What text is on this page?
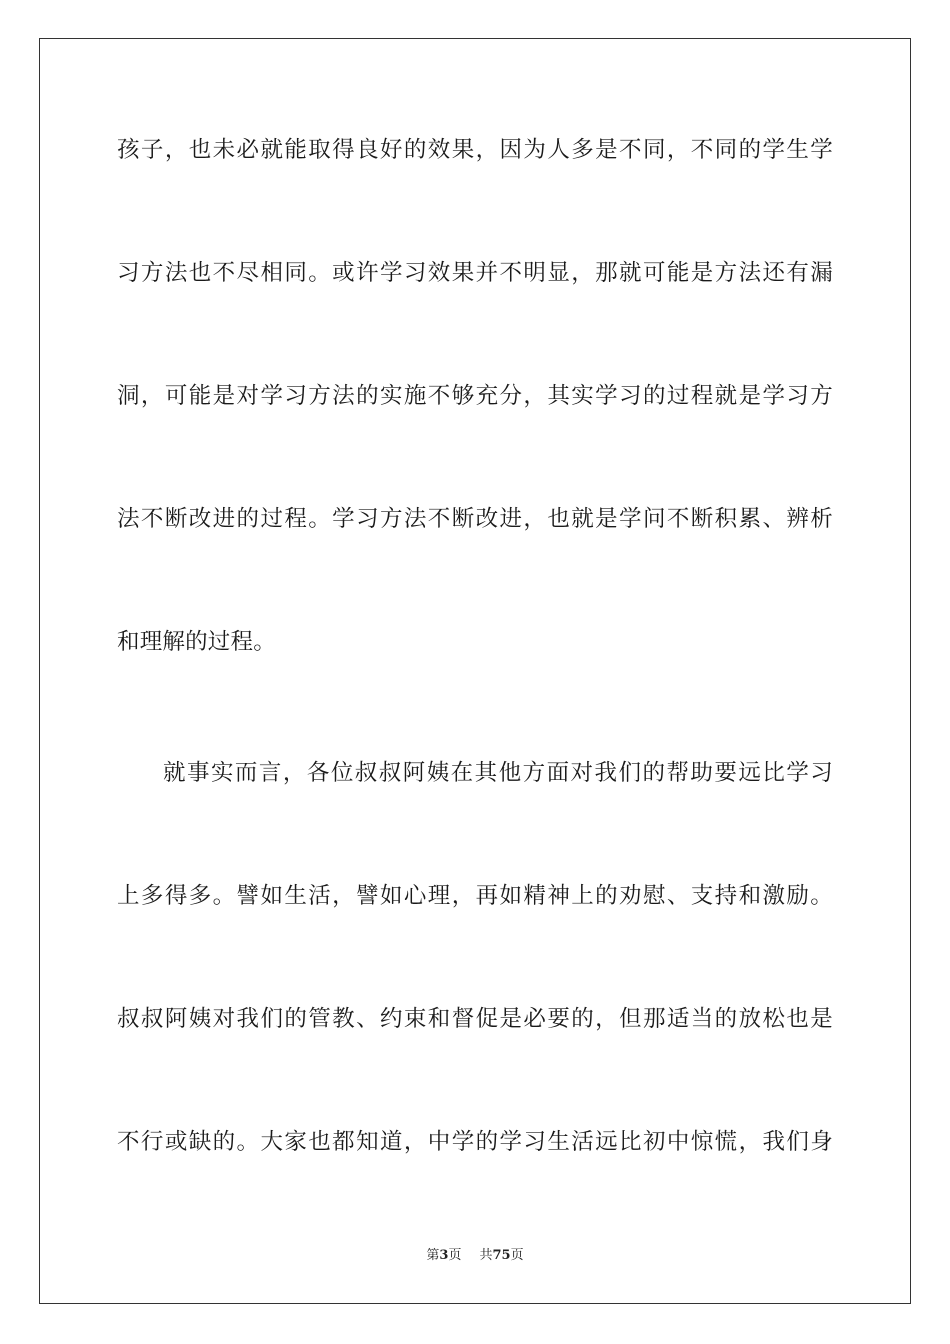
孩子，也未必就能取得良好的效果，因为人多是不同，不同的学生学
习方法也不尽相同。或许学习效果并不明显，那就可能是方法还有漏
洞，可能是对学习方法的实施不够充分，其实学习的过程就是学习方
法不断改进的过程。学习方法不断改进，也就是学问不断积累、辨析
和理解的过程。
就事实而言，各位叔叔阿姨在其他方面对我们的帮助要远比学习
上多得多。譬如生活，譬如心理，再如精神上的劝慰、支持和激励。
叔叔阿姨对我们的管教、约束和督促是必要的，但那适当的放松也是
不行或缺的。大家也都知道，中学的学习生活远比初中惊慌，我们身
第3页 共75页
